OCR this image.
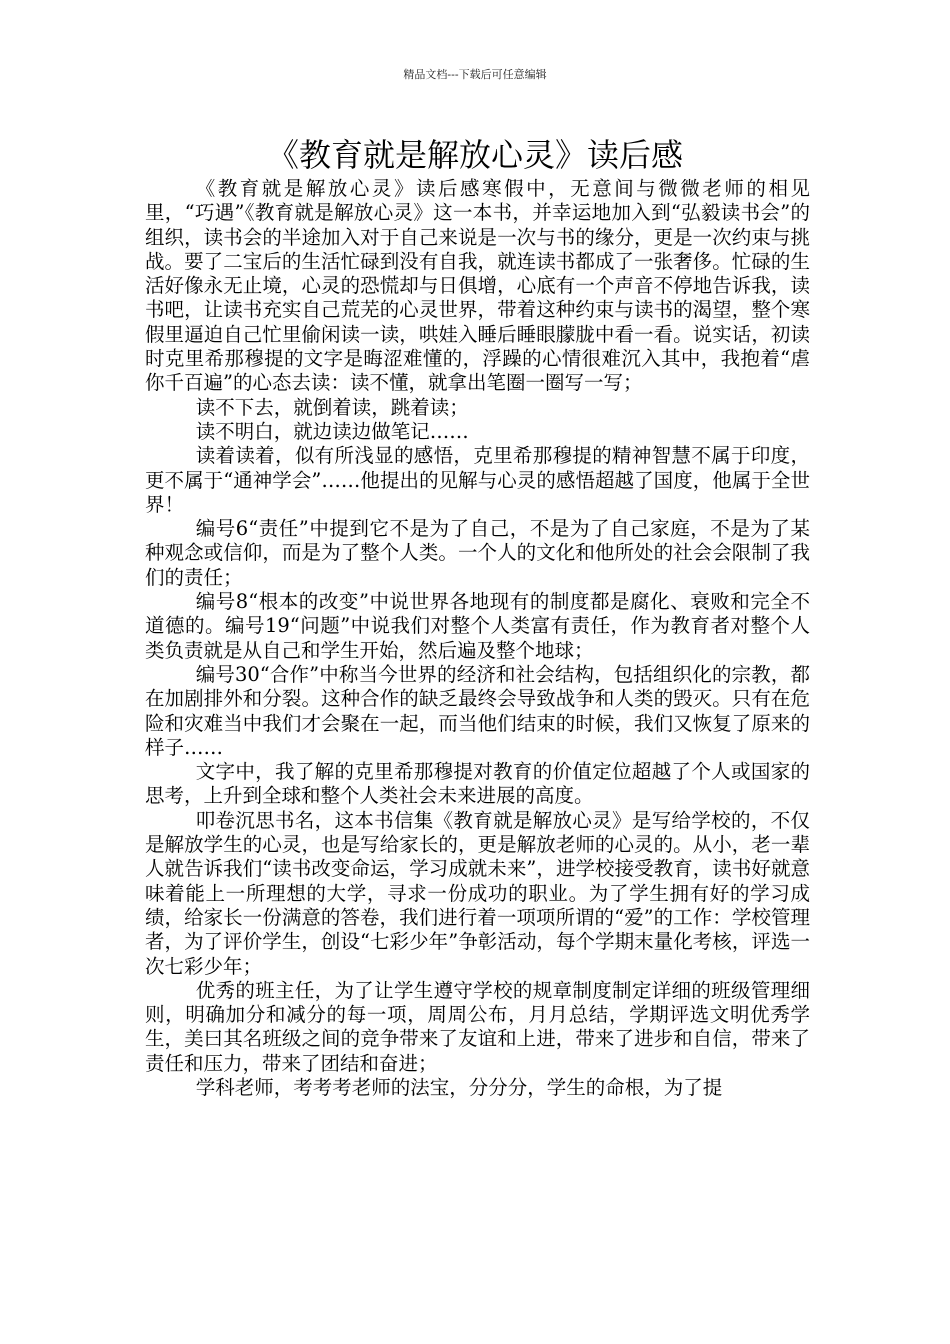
精品文档---下载后可任意编辑
《教育就是解放心灵》读后感

《教育就是解放心灵》读后感寒假中，无意间与微微老师的相见里，“巧遇”《教育就是解放心灵》这一本书，并幸运地加入到“弘毅读书会”的组织，读书会的半途加入对于自己来说是一次与书的缘分，更是一次约束与挑战。要了二宝后的生活忙碌到没有自我，就连读书都成了一张奢侈。忙碌的生活好像永无止境，心灵的恐慌却与日俱增，心底有一个声音不停地告诉我，读书吧，让读书充实自己荒芜的心灵世界，带着这种约束与读书的渴望，整个寒假里逼迫自己忙里偷闲读一读，哄娃入睡后睡眼朦胧中看一看。说实话，初读时克里希那穆提的文字是晦涩难懂的，浮躁的心情很难沉入其中，我抱着“虐你千百遍”的心态去读：读不懂，就拿出笔圈一圈写一写；

读不下去，就倒着读，跳着读；

读不明白，就边读边做笔记……

读着读着，似有所浅显的感悟，克里希那穆提的精神智慧不属于印度，更不属于“通神学会”……他提出的见解与心灵的感悟超越了国度，他属于全世界！

编号6“责任”中提到它不是为了自己，不是为了自己家庭，不是为了某种观念或信仰，而是为了整个人类。一个人的文化和他所处的社会会限制了我们的责任；

编号8“根本的改变”中说世界各地现有的制度都是腐化、衰败和完全不道德的。编号19“问题”中说我们对整个人类富有责任，作为教育者对整个人类负责就是从自己和学生开始，然后遍及整个地球；

编号30“合作”中称当今世界的经济和社会结构，包括组织化的宗教，都在加剧排外和分裂。这种合作的缺乏最终会导致战争和人类的毁灭。只有在危险和灾难当中我们才会聚在一起，而当他们结束的时候，我们又恢复了原来的样子……

文字中，我了解的克里希那穆提对教育的价值定位超越了个人或国家的思考，上升到全球和整个人类社会未来进展的高度。

叩卷沉思书名，这本书信集《教育就是解放心灵》是写给学校的，不仅是解放学生的心灵，也是写给家长的，更是解放老师的心灵的。从小，老一辈人就告诉我们“读书改变命运，学习成就未来”，进学校接受教育，读书好就意味着能上一所理想的大学，寻求一份成功的职业。为了学生拥有好的学习成绩，给家长一份满意的答卷，我们进行着一项项所谓的“爱”的工作：学校管理者，为了评价学生，创设“七彩少年”争彰活动，每个学期末量化考核，评选一次七彩少年；

优秀的班主任，为了让学生遵守学校的规章制度制定详细的班级管理细则，明确加分和减分的每一项，周周公布，月月总结，学期评选文明优秀学生，美曰其名班级之间的竞争带来了友谊和上进，带来了进步和自信，带来了责任和压力，带来了团结和奋进；

学科老师，考考考老师的法宝，分分分，学生的命根，为了提
